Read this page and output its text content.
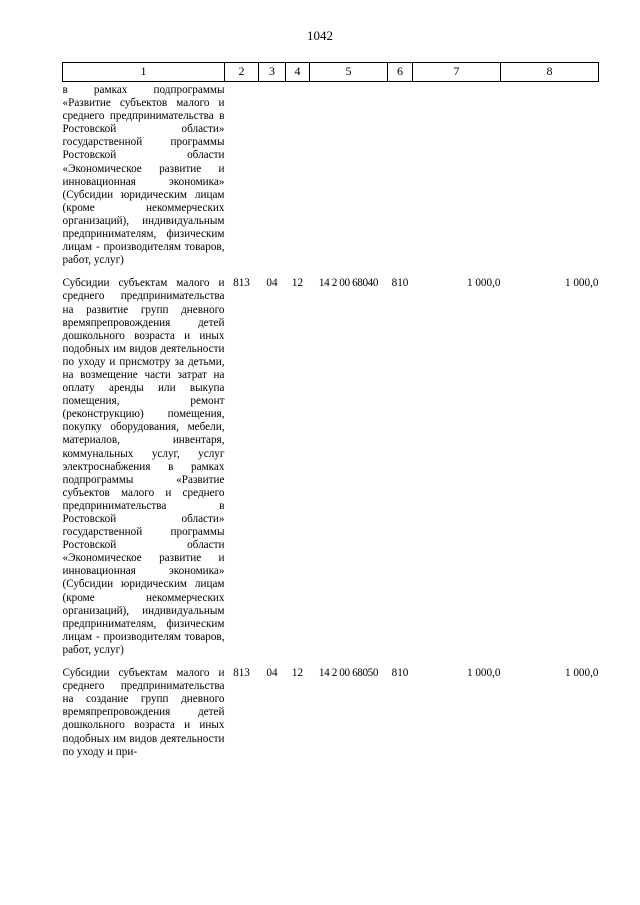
1042
1	2	3	4	5	6	7	8
в рамках подпрограммы «Развитие субъектов малого и среднего предпринимательства в Ростовской области» государственной программы Ростовской области «Экономическое развитие и инновационная экономика» (Субсидии юридическим лицам (кроме некоммерческих организаций), индивидуальным предпринимателям, физическим лицам - производителям товаров, работ, услуг)							
Субсидии субъектам малого и среднего предпринимательства на развитие групп дневного времяпрепровождения детей дошкольного возраста и иных подобных им видов деятельности по уходу и присмотру за детьми, на возмещение части затрат на оплату аренды или выкупа помещения, ремонт (реконструкцию) помещения, покупку оборудования, мебели, материалов, инвентаря, коммунальных услуг, услуг электроснабжения в рамках подпрограммы «Развитие субъектов малого и среднего предпринимательства в Ростовской области» государственной программы Ростовской области «Экономическое развитие и инновационная экономика» (Субсидии юридическим лицам (кроме некоммерческих организаций), индивидуальным предпринимателям, физическим лицам - производителям товаров, работ, услуг)	813	04	12	14 2 00 68040	810	1 000,0	1 000,0
Субсидии субъектам малого и среднего предпринимательства на создание групп дневного времяпрепровождения детей дошкольного возраста и иных подобных им видов деятельности по уходу и при-	813	04	12	14 2 00 68050	810	1 000,0	1 000,0
